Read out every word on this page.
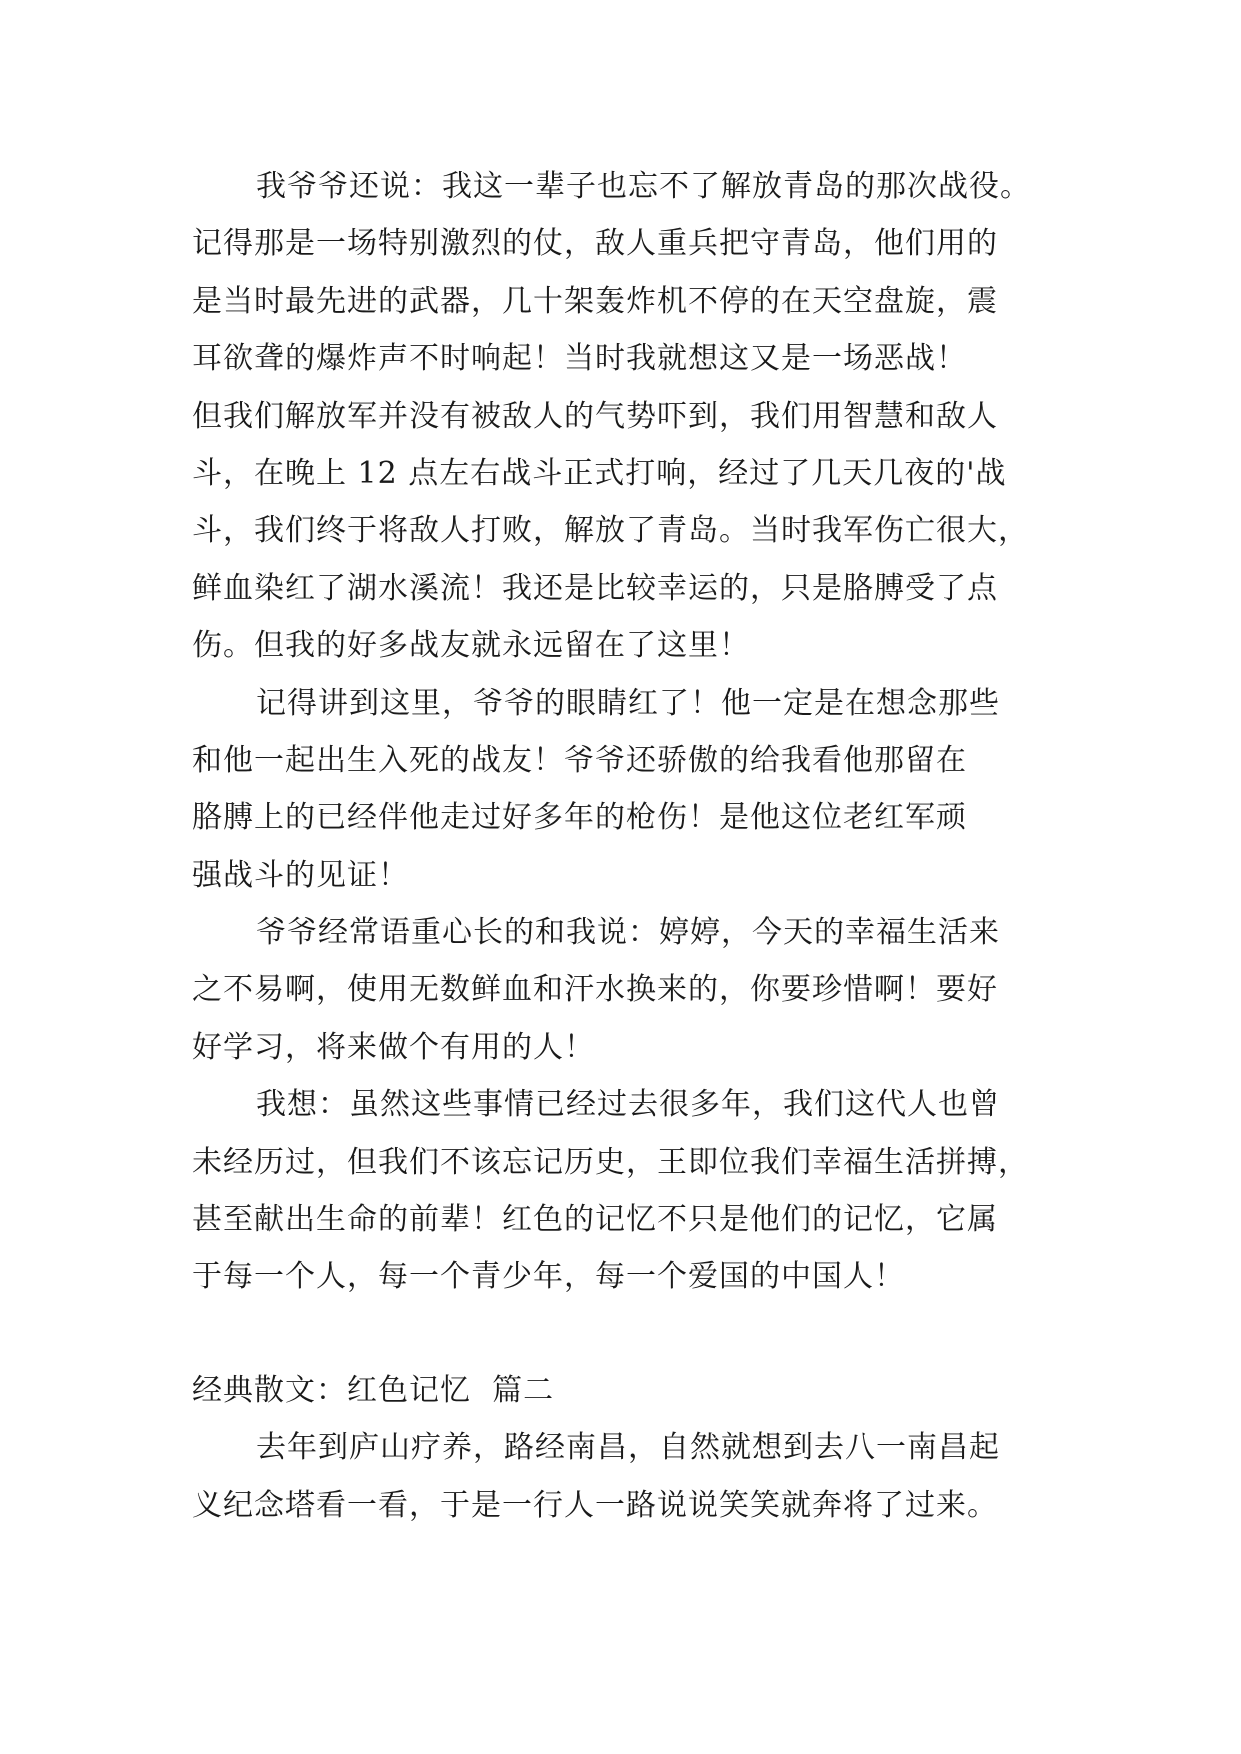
我爷爷还说：我这一辈子也忘不了解放青岛的那次战役。
记得那是一场特别激烈的仗，敌人重兵把守青岛，他们用的
是当时最先进的武器，几十架轰炸机不停的在天空盘旋，震
耳欲聋的爆炸声不时响起！当时我就想这又是一场恶战！
但我们解放军并没有被敌人的气势吓到，我们用智慧和敌人
斗，在晚上 12 点左右战斗正式打响，经过了几天几夜的'战
斗，我们终于将敌人打败，解放了青岛。当时我军伤亡很大，
鲜血染红了湖水溪流！我还是比较幸运的，只是胳膊受了点
伤。但我的好多战友就永远留在了这里！
记得讲到这里，爷爷的眼睛红了！他一定是在想念那些
和他一起出生入死的战友！爷爷还骄傲的给我看他那留在
胳膊上的已经伴他走过好多年的枪伤！是他这位老红军顽
强战斗的见证！
爷爷经常语重心长的和我说：婷婷，今天的幸福生活来
之不易啊，使用无数鲜血和汗水换来的，你要珍惜啊！要好
好学习，将来做个有用的人！
我想：虽然这些事情已经过去很多年，我们这代人也曾
未经历过，但我们不该忘记历史，王即位我们幸福生活拼搏，
甚至献出生命的前辈！红色的记忆不只是他们的记忆，它属
于每一个人，每一个青少年，每一个爱国的中国人！
经典散文：红色记忆  篇二
去年到庐山疗养，路经南昌，自然就想到去八一南昌起
义纪念塔看一看，于是一行人一路说说笑笑就奔将了过来。
